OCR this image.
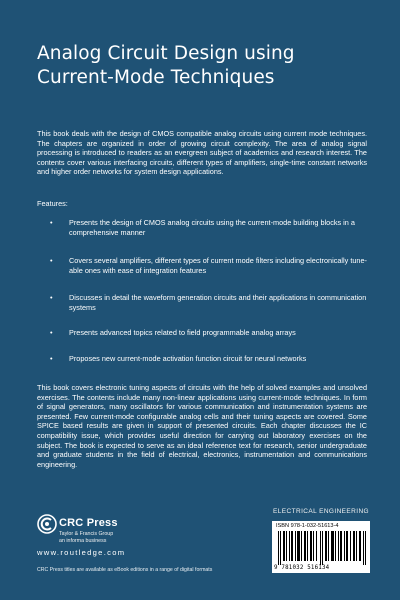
Analog Circuit Design using
Current-Mode Techniques
This book deals with the design of CMOS compatible analog circuits using current mode techniques. The chapters are organized in order of growing circuit complexity. The area of analog signal processing is introduced to readers as an evergreen subject of academics and research interest. The contents cover various interfacing circuits, different types of amplifiers, single-time constant networks and higher order networks for system design applications.
Features:
• Presents the design of CMOS analog circuits using the current-mode building blocks in a comprehensive manner
• Covers several amplifiers, different types of current mode filters including electronically tune-able ones with ease of integration features
• Discusses in detail the waveform generation circuits and their applications in communication systems
• Presents advanced topics related to field programmable analog arrays
• Proposes new current-mode activation function circuit for neural networks
This book covers electronic tuning aspects of circuits with the help of solved examples and unsolved exercises. The contents include many non-linear applications using current-mode techniques. In form of signal generators, many oscillators for various communication and instrumentation systems are presented. Few current-mode configurable analog cells and their tuning aspects are covered. Some SPICE based results are given in support of presented circuits. Each chapter discusses the IC compatibility issue, which provides useful direction for carrying out laboratory exercises on the subject. The book is expected to serve as an ideal reference text for research, senior undergraduate and graduate students in the field of electrical, electronics, instrumentation and communications engineering.
ELECTRICAL ENGINEERING
CRC Press
Taylor & Francis Group
an informa business
www.routledge.com
CRC Press titles are available as eBook editions in a range of digital formats
ISBN 978-1-032-51613-4
9 781032 516134
